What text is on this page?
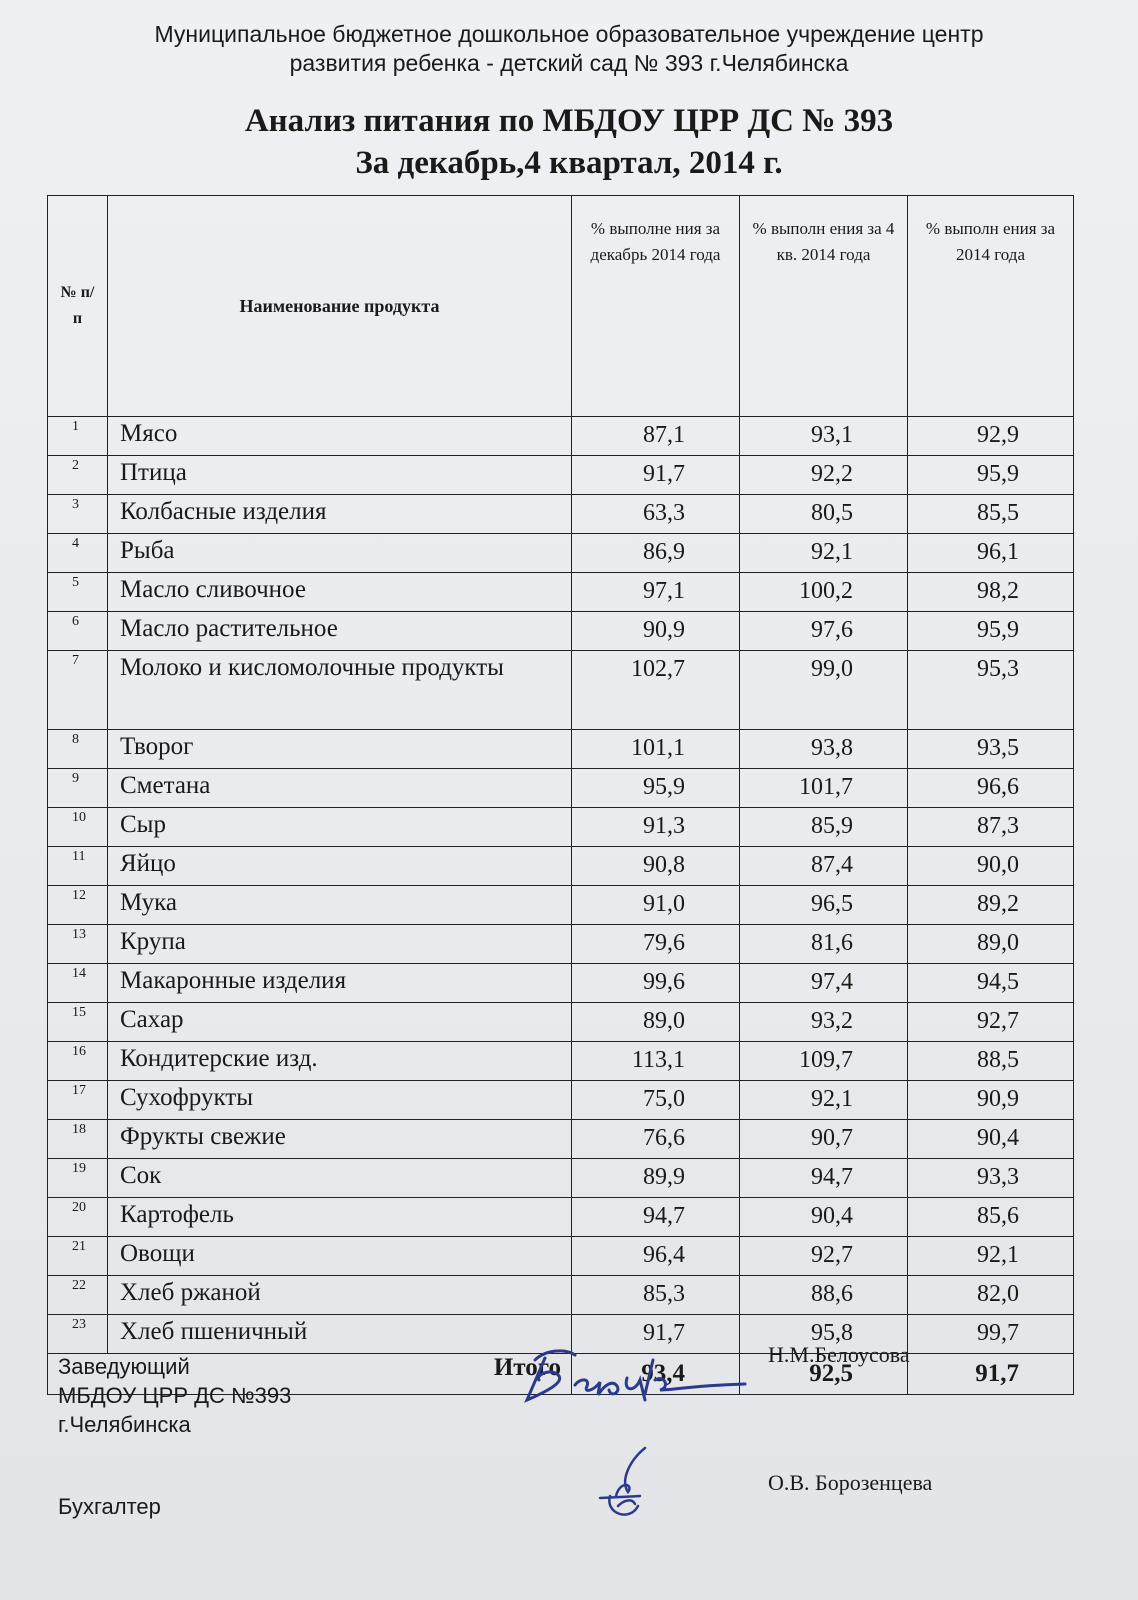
Муниципальное бюджетное дошкольное образовательное учреждение центр
развития ребенка - детский сад № 393 г.Челябинска
Анализ питания по МБДОУ ЦРР ДС № 393
За декабрь,4 квартал, 2014 г.
№ п/ п	Наименование продукта	% выполне ния за декабрь 2014 года	% выполн ения за 4 кв. 2014 года	% выполн ения за 2014 года
1	Мясо	87,1	93,1	92,9
2	Птица	91,7	92,2	95,9
3	Колбасные изделия	63,3	80,5	85,5
4	Рыба	86,9	92,1	96,1
5	Масло сливочное	97,1	100,2	98,2
6	Масло растительное	90,9	97,6	95,9
7	Молоко и кисломолочные продукты	102,7	99,0	95,3
8	Творог	101,1	93,8	93,5
9	Сметана	95,9	101,7	96,6
10	Сыр	91,3	85,9	87,3
11	Яйцо	90,8	87,4	90,0
12	Мука	91,0	96,5	89,2
13	Крупа	79,6	81,6	89,0
14	Макаронные изделия	99,6	97,4	94,5
15	Сахар	89,0	93,2	92,7
16	Кондитерские изд.	113,1	109,7	88,5
17	Сухофрукты	75,0	92,1	90,9
18	Фрукты свежие	76,6	90,7	90,4
19	Сок	89,9	94,7	93,3
20	Картофель	94,7	90,4	85,6
21	Овощи	96,4	92,7	92,1
22	Хлеб ржаной	85,3	88,6	82,0
23	Хлеб пшеничный	91,7	95,8	99,7
Итого		93,4	92,5	91,7
Заведующий
МБДОУ ЦРР ДС №393
г.Челябинска
Н.М.Белоусова
Бухгалтер
О.В. Борозенцева
